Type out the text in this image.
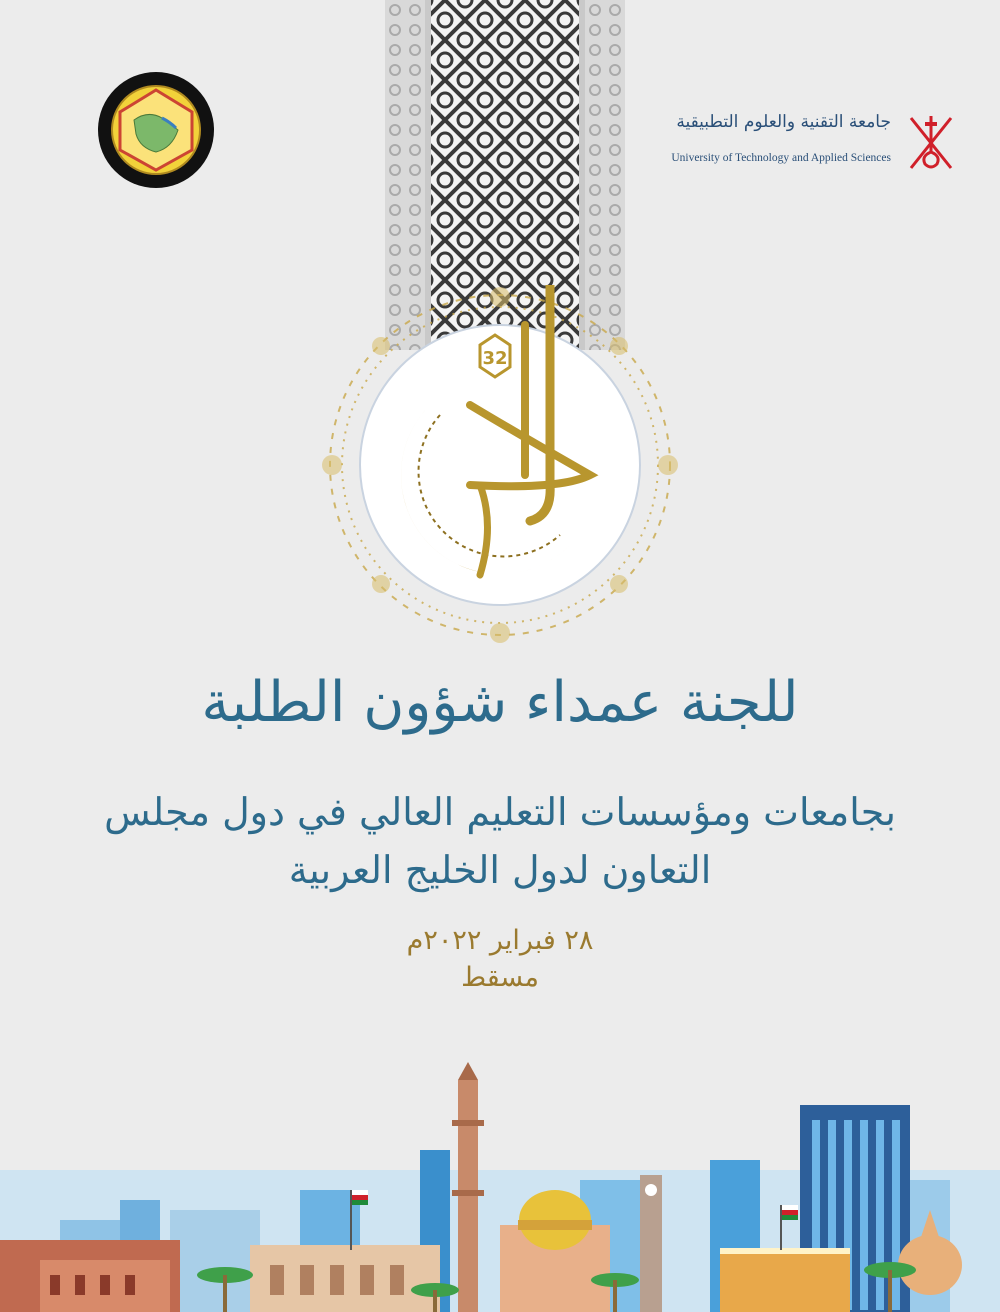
جامعة التقنية والعلوم التطبيقية
University of Technology and Applied Sciences
32
للجنة عمداء شؤون الطلبة
بجامعات ومؤسسات التعليم العالي في دول مجلس
التعاون لدول الخليج العربية
٢٨ فبراير ٢٠٢٢م
مسقط
